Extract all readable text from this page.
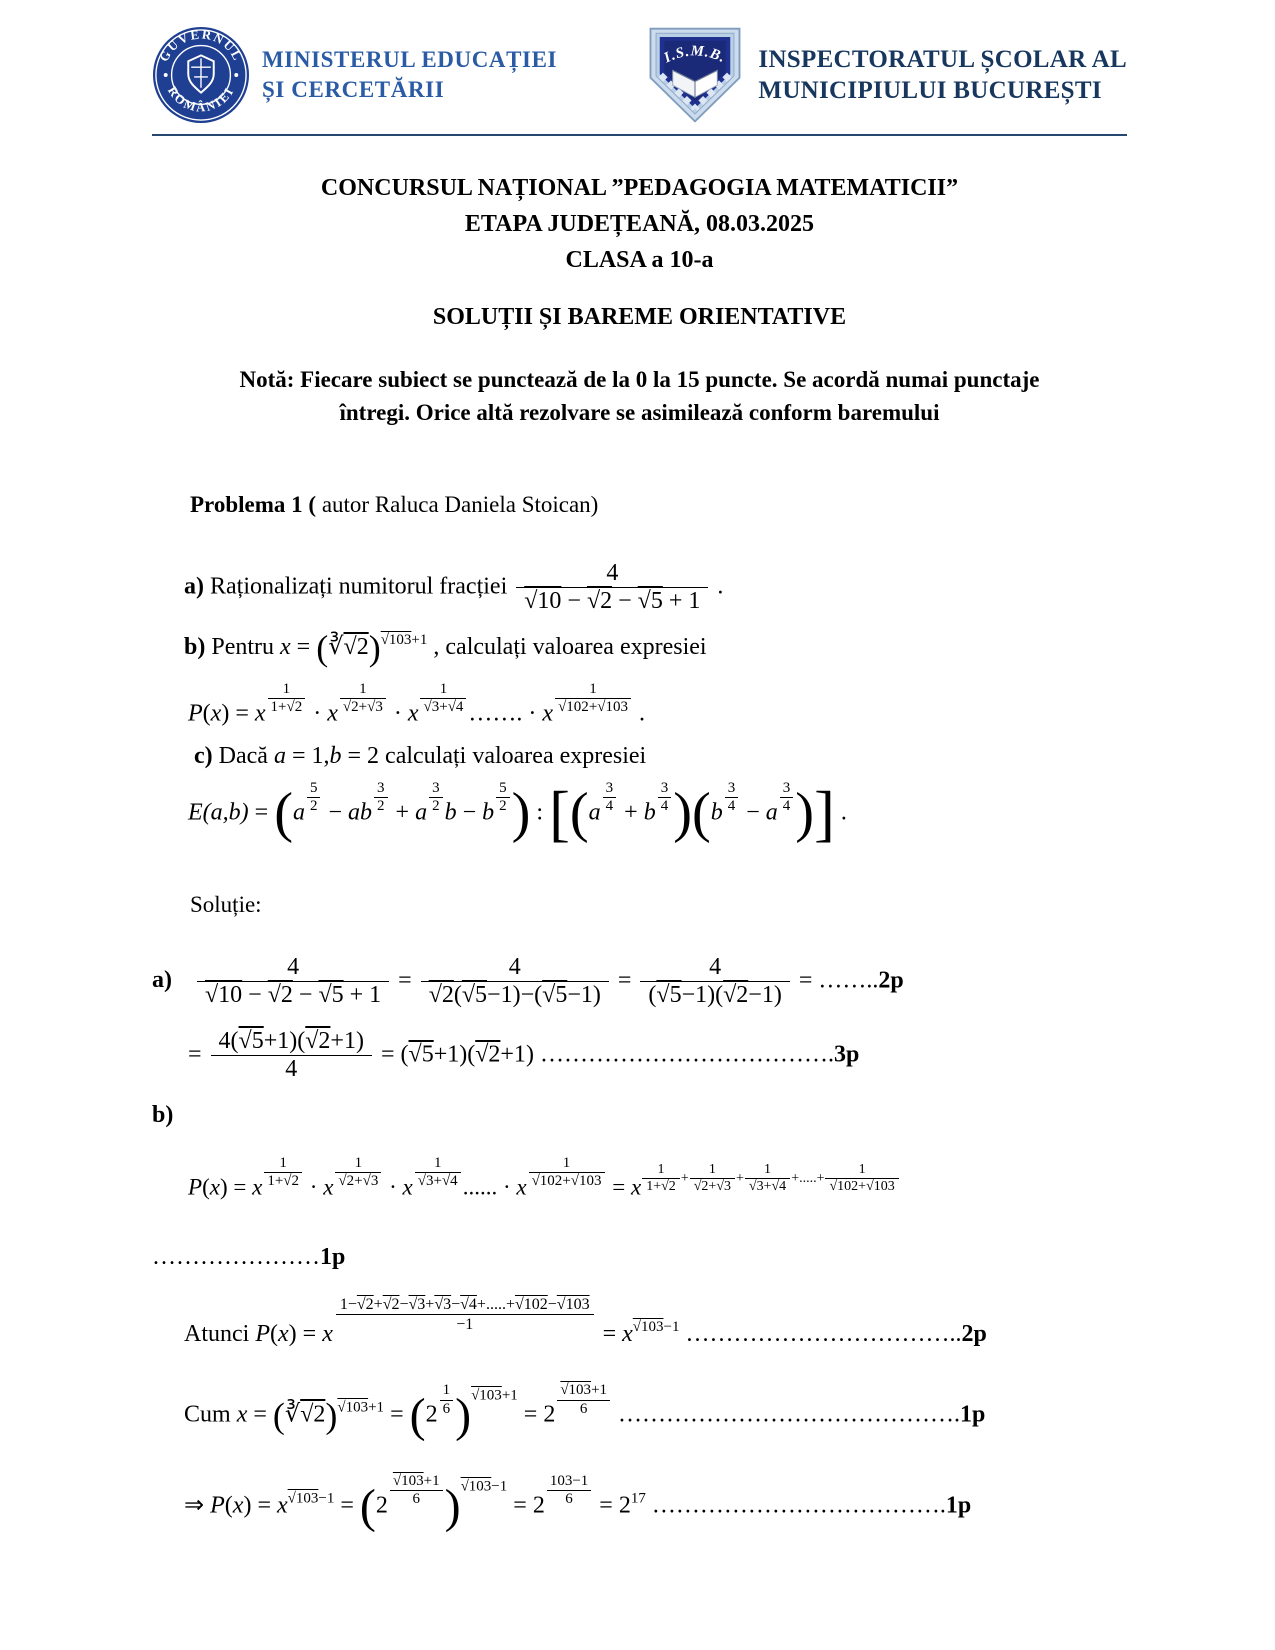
GUVERNUL
ROMÂNIEI
MINISTERUL EDUCAȚIEI
ȘI CERCETĂRII
I.S.M.B. INSPECTORATUL ȘCOLAR AL
MUNICIPIULUI BUCUREȘTI
CONCURSUL NAȚIONAL ”PEDAGOGIA MATEMATICII”
ETAPA JUDEȚEANĂ, 08.03.2025
CLASA a 10-a
SOLUȚII ȘI BAREME ORIENTATIVE
Notă: Fiecare subiect se punctează de la 0 la 15 puncte. Se acordă numai punctaje
întregi. Orice altă rezolvare se asimilează conform baremului
Problema 1 ( autor Raluca Daniela Stoican)
a) Raționalizați numitorul fracției $\frac{4}{√10 - √2 - √5 + 1}$ .
b) Pentru x = (∛√2)$^{√103+1}$ , calculați valoarea expresiei
P(x) = x $\frac{1}{1+√2} \cdot x \frac{1}{√2+√3} \cdot x \frac{1}{√3+√4}$ ……. · x $\frac{1}{√102+√103}$ .
c) Dacă a = 1,b = 2 calculați valoarea expresiei
$E(a,b) = (a \frac{5}{2}$ − ab $\frac{3}{2} + a \frac{3}{2}$ b − b $\frac{5}{2}$ ) : [$(a \frac{3}{4} + b \frac{3}{4} )(b \frac{3}{4} - a \frac{3}{4}$ )] .
Soluție:
$a) \frac{4}{√10 - √2 - √5 + 1} = \frac{4}{√2(√5-1)-(√5-1)} = \frac{4}{(√5-1)(√2-1)}$ = ……..2p
= $\frac{4(√5+1)(√2+1)}{4} = (√5+1)(√2+1)$ ……………………………….3p
b)
P(x) = x $\frac{1}{1+√2} \cdot x \frac{1}{√2+√3} \cdot x \frac{1}{√3+√4}$ ...... · x $\frac{1}{√102+√103} = x \frac{1}{1+√2} + \frac{1}{√2+√3} + \frac{1}{√3+√4}$ +.....+ $\frac{1}{√102+√103}$
…………………1p
Atunci P(x) = x $\frac{1-√2+√2-√3+√3-√4+.....+√102-√103}{-1} = x^{√103-1}$ ……………………………..2p
Cum x = (∛√2)$^{√103+1}$ = $(2 \frac{1}{6} )^{√103+1} = 2 \frac{√103+1}{6}$ …………………………………….1p
⇒ $P(x) = x^{√103-1} = (2 \frac{√103+1}{6} )^{√103-1} = 2 \frac{103-1}{6} = 2^{17}$ ……………………………….1p
